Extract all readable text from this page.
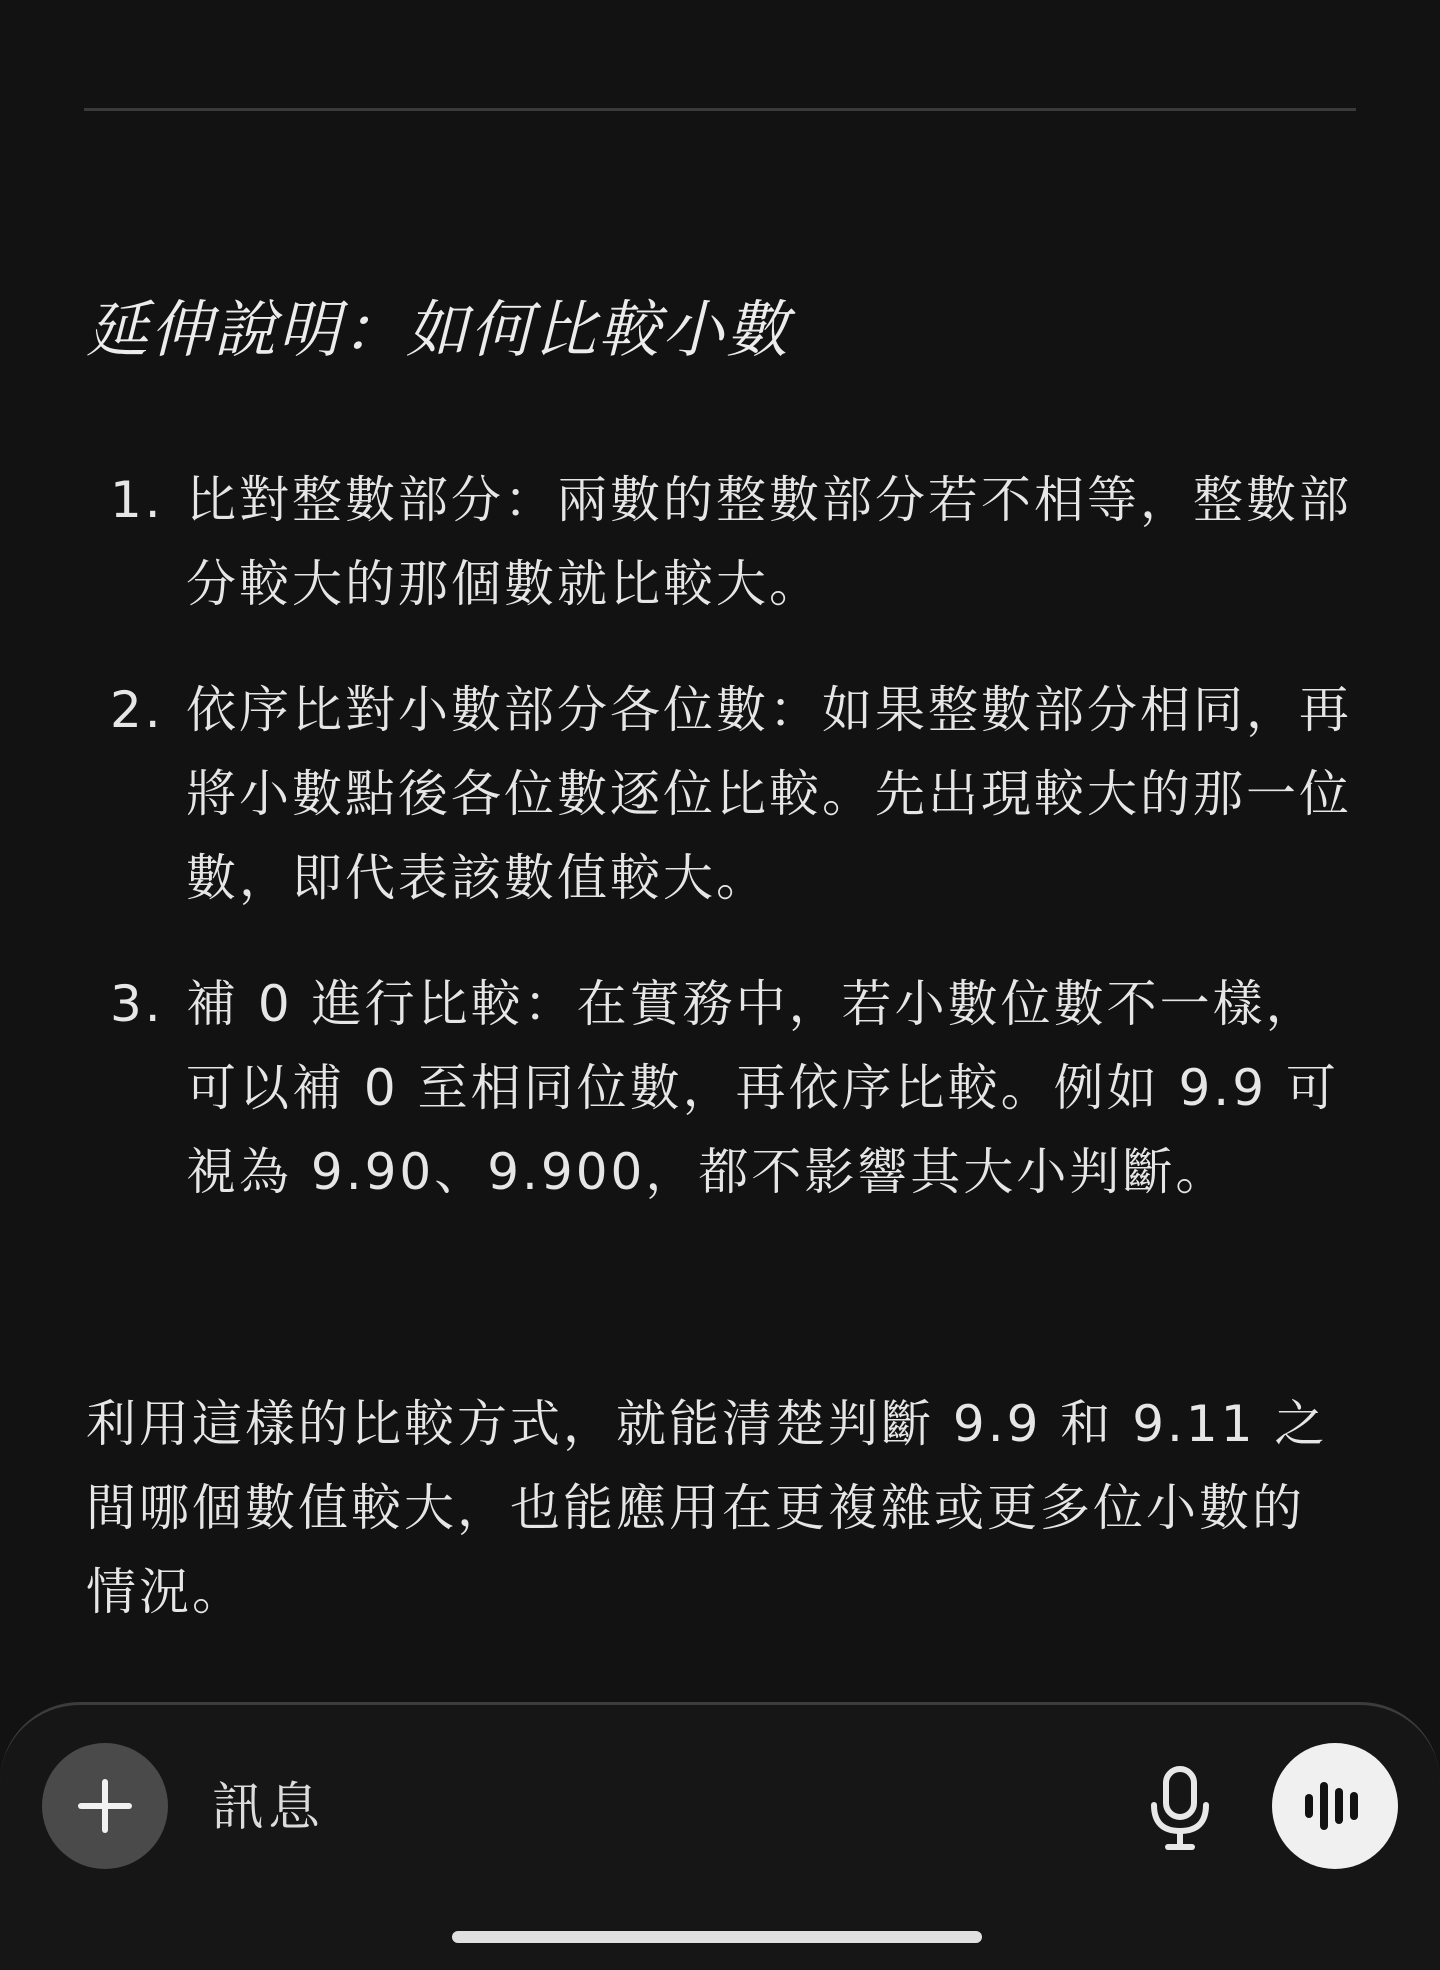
延伸說明：如何比較小數
1. 比對整數部分：兩數的整數部分若不相等，整數部分較大的那個數就比較大。
2. 依序比對小數部分各位數：如果整數部分相同，再將小數點後各位數逐位比較。先出現較大的那一位數，即代表該數值較大。
3. 補 0 進行比較：在實務中，若小數位數不一樣，可以補 0 至相同位數，再依序比較。例如 9.9 可視為 9.90、9.900，都不影響其大小判斷。
利用這樣的比較方式，就能清楚判斷 9.9 和 9.11 之間哪個數值較大，也能應用在更複雜或更多位小數的情況。
訊息
